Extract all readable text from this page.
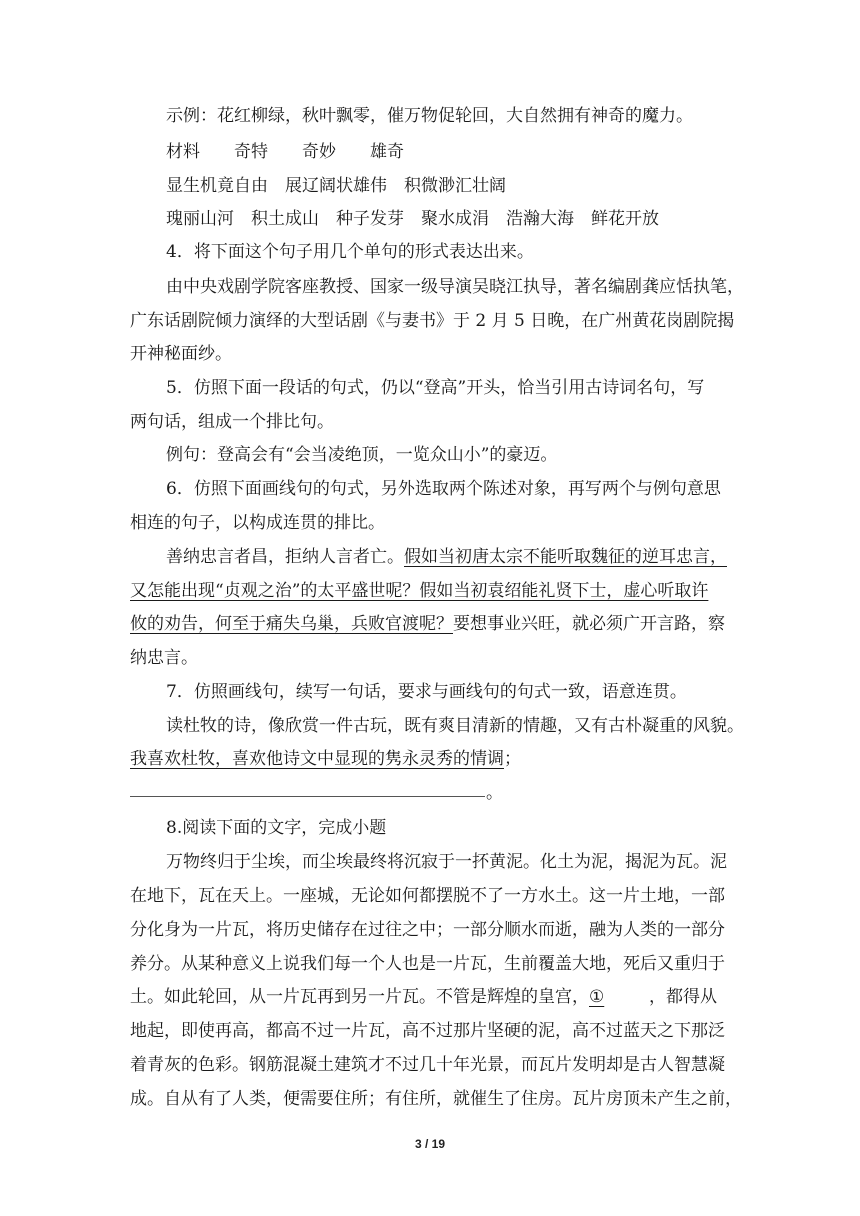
示例：花红柳绿，秋叶飘零，催万物促轮回，大自然拥有神奇的魔力。
材料　　奇特　　奇妙　　雄奇
显生机竟自由　展辽阔状雄伟　积微渺汇壮阔
瑰丽山河　积土成山　种子发芽　聚水成涓　浩瀚大海　鲜花开放
4．将下面这个句子用几个单句的形式表达出来。
由中央戏剧学院客座教授、国家一级导演吴晓江执导，著名编剧龚应恬执笔，
广东话剧院倾力演绎的大型话剧《与妻书》于 2 月 5 日晚，在广州黄花岗剧院揭
开神秘面纱。
5．仿照下面一段话的句式，仍以“登高”开头，恰当引用古诗词名句，写
两句话，组成一个排比句。
例句：登高会有“会当凌绝顶，一览众山小”的豪迈。
6．仿照下面画线句的句式，另外选取两个陈述对象，再写两个与例句意思
相连的句子，以构成连贯的排比。
善纳忠言者昌，拒纳人言者亡。假如当初唐太宗不能听取魏征的逆耳忠言，
又怎能出现“贞观之治”的太平盛世呢？假如当初袁绍能礼贤下士，虚心听取许
攸的劝告，何至于痛失乌巢，兵败官渡呢？要想事业兴旺，就必须广开言路，察
纳忠言。
7．仿照画线句，续写一句话，要求与画线句的句式一致，语意连贯。
读杜牧的诗，像欣赏一件古玩，既有爽目清新的情趣，又有古朴凝重的风貌。
我喜欢杜牧，喜欢他诗文中显现的隽永灵秀的情调；
。
8.阅读下面的文字，完成小题
万物终归于尘埃，而尘埃最终将沉寂于一抔黄泥。化土为泥，揭泥为瓦。泥
在地下，瓦在天上。一座城，无论如何都摆脱不了一方水土。这一片土地，一部
分化身为一片瓦，将历史储存在过往之中；一部分顺水而逝，融为人类的一部分
养分。从某种意义上说我们每一个人也是一片瓦，生前覆盖大地，死后又重归于
土。如此轮回，从一片瓦再到另一片瓦。不管是辉煌的皇宫，①	，都得从
地起，即使再高，都高不过一片瓦，高不过那片坚硬的泥，高不过蓝天之下那泛
着青灰的色彩。钢筋混凝土建筑才不过几十年光景，而瓦片发明却是古人智慧凝
成。自从有了人类，便需要住所；有住所，就催生了住房。瓦片房顶未产生之前，
3 / 19
